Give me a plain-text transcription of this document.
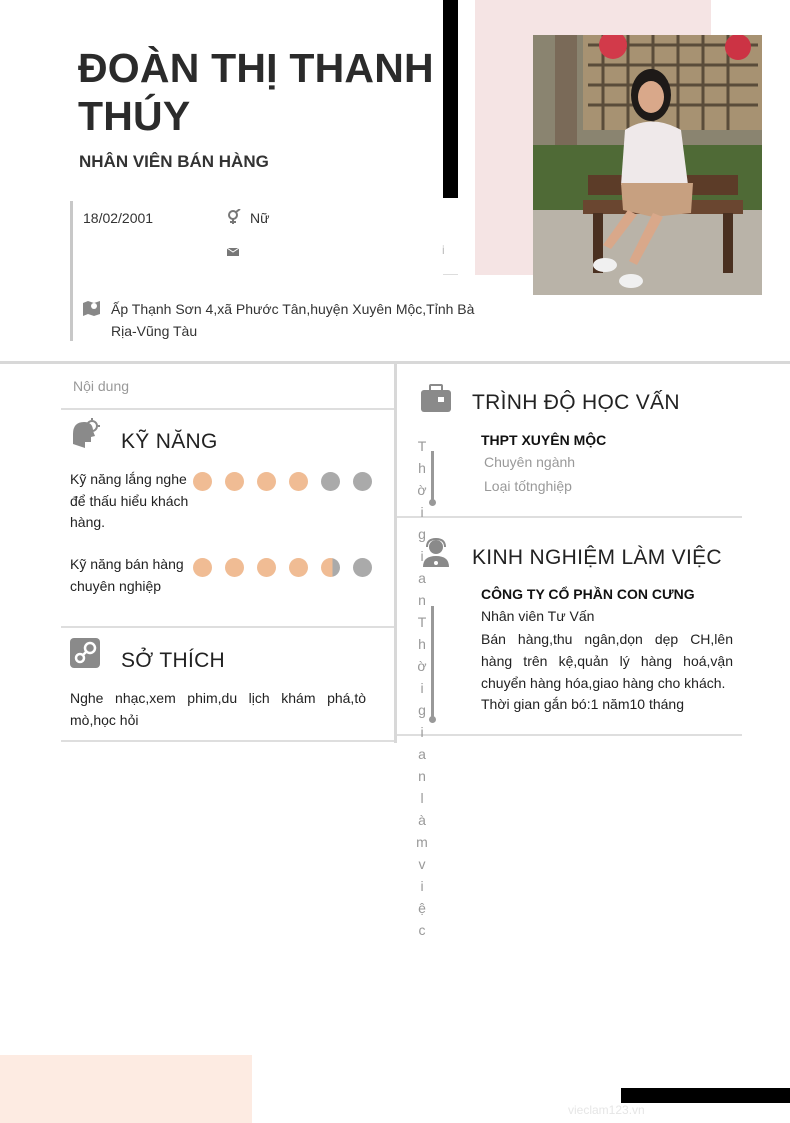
ĐOÀN THỊ THANH THÚY
NHÂN VIÊN BÁN HÀNG
18/02/2001	Nữ
i
Ấp Thạnh Sơn 4,xã Phước Tân,huyện Xuyên Mộc,Tỉnh Bà Rịa-Vũng Tàu
Nội dung
KỸ NĂNG
Kỹ năng lắng nghe để thấu hiểu khách hàng.
Kỹ năng bán hàng chuyên nghiệp
SỞ THÍCH
Nghe nhạc,xem phim,du lịch khám phá,tò mò,học hỏi
TRÌNH ĐỘ HỌC VẤN
THPT XUYÊN MỘC
Chuyên ngành
Loại tốtnghiệp
KINH NGHIỆM LÀM VIỆC
CÔNG TY CỔ PHẦN CON CƯNG
Nhân viên Tư Vấn
Bán hàng,thu ngân,dọn dẹp CH,lên hàng trên kệ,quản lý hàng hoá,vận chuyển hàng hóa,giao hàng cho khách.
Thời gian gắn bó:1 năm10 tháng
T
h
ờ
i
g
i
a
n
T
h
ờ
i
g
i
a
n
l
à
m
v
i
ệ
c
vieclam123.vn
